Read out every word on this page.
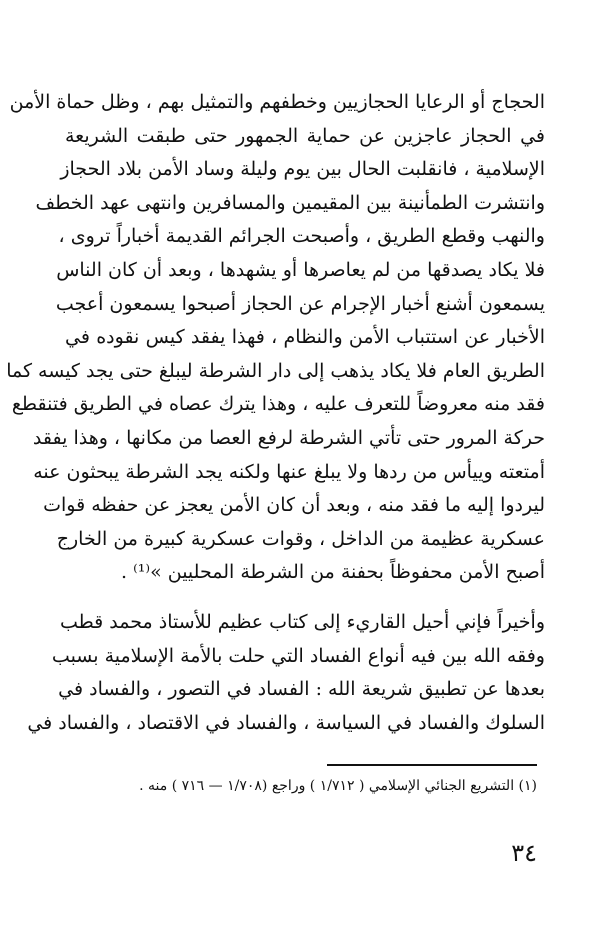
الحجاج أو الرعايا الحجازيين وخطفهم والتمثيل بهم ، وظل حماة الأمن
في الحجاز عاجزين عن حماية الجمهور حتى طبقت الشريعة
الإسلامية ، فانقلبت الحال بين يوم وليلة وساد الأمن بلاد الحجاز
وانتشرت الطمأنينة بين المقيمين والمسافرين وانتهى عهد الخطف
والنهب وقطع الطريق ، وأصبحت الجرائم القديمة أخباراً تروى ،
فلا يكاد يصدقها من لم يعاصرها أو يشهدها ، وبعد أن كان الناس
يسمعون أشنع أخبار الإجرام عن الحجاز أصبحوا يسمعون أعجب
الأخبار عن استتباب الأمن والنظام ، فهذا يفقد كيس نقوده في
الطريق العام فلا يكاد يذهب إلى دار الشرطة ليبلغ حتى يجد كيسه كما
فقد منه معروضاً للتعرف عليه ، وهذا يترك عصاه في الطريق فتنقطع
حركة المرور حتى تأتي الشرطة لرفع العصا من مكانها ، وهذا يفقد
أمتعته وييأس من ردها ولا يبلغ عنها ولكنه يجد الشرطة يبحثون عنه
ليردوا إليه ما فقد منه ، وبعد أن كان الأمن يعجز عن حفظه قوات
عسكرية عظيمة من الداخل ، وقوات عسكرية كبيرة من الخارج
أصبح الأمن محفوظاً بحفنة من الشرطة المحليين »⁽¹⁾ .
وأخيراً فإني أحيل القاريء إلى كتاب عظيم للأستاذ محمد قطب
وفقه الله بين فيه أنواع الفساد التي حلت بالأمة الإسلامية بسبب
بعدها عن تطبيق شريعة الله : الفساد في التصور ، والفساد في
السلوك والفساد في السياسة ، والفساد في الاقتصاد ، والفساد في
(١) التشريع الجنائي الإسلامي ( ١/٧١٢ ) وراجع (١/٧٠٨ — ٧١٦ ) منه .
٣٤
